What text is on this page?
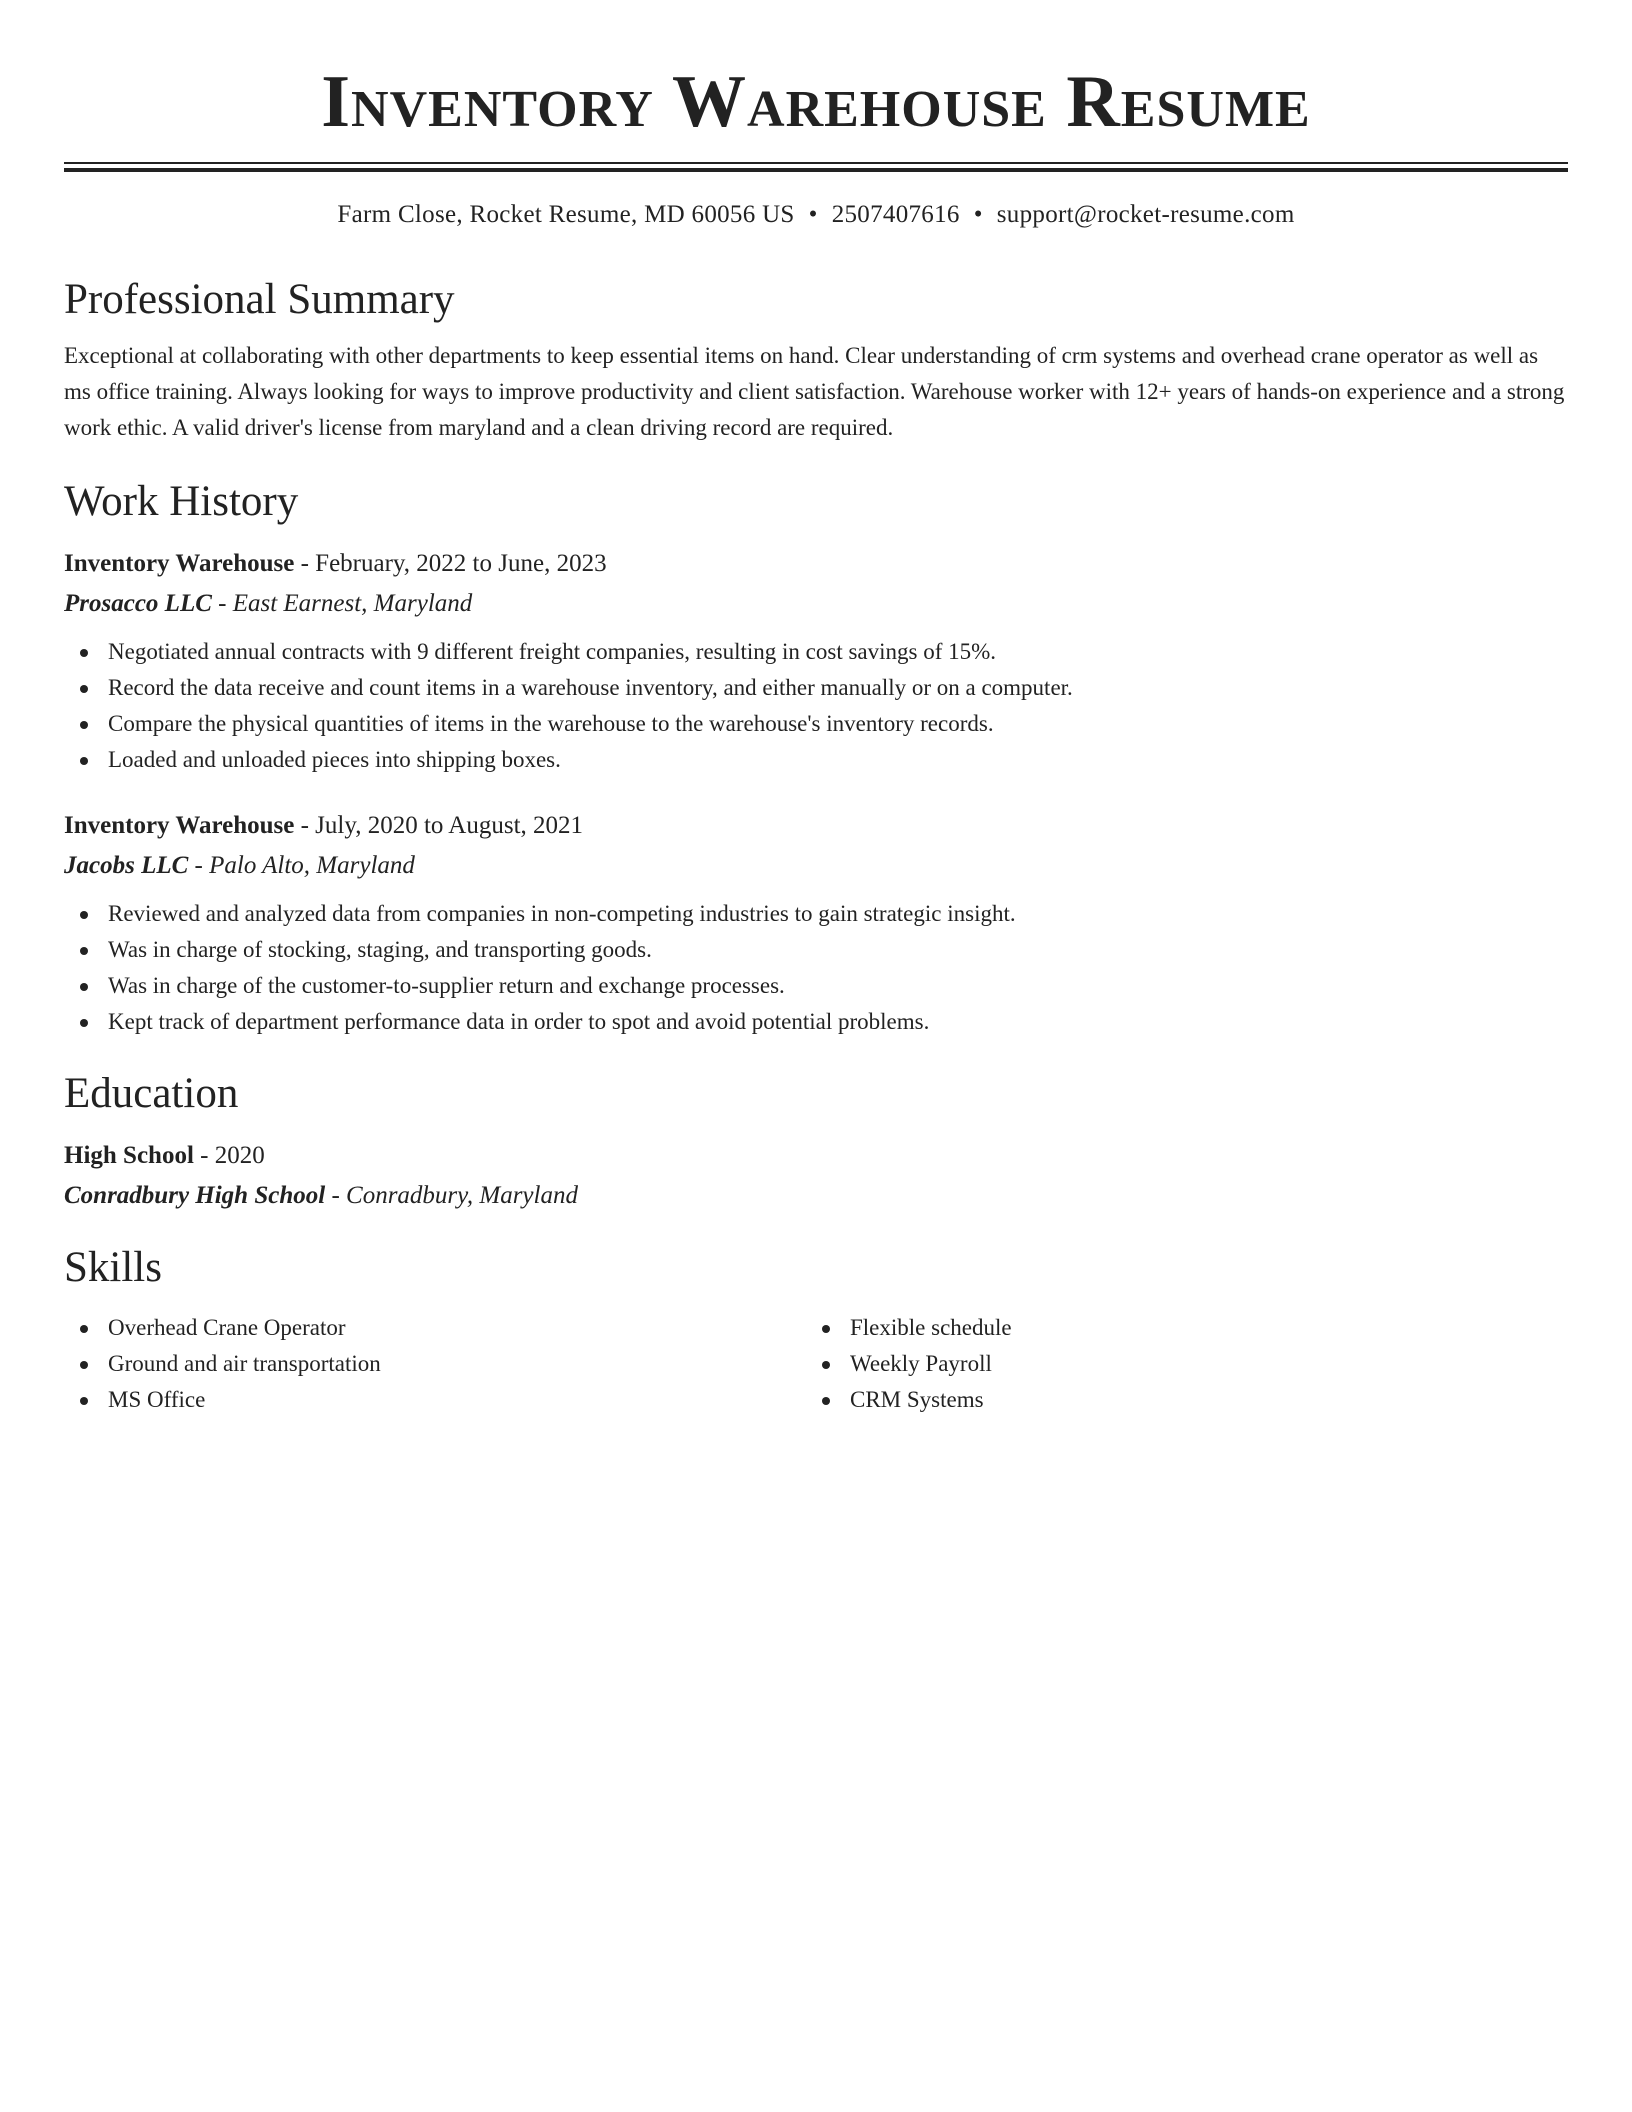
Inventory Warehouse Resume
Farm Close, Rocket Resume, MD 60056 US • 2507407616 • support@rocket-resume.com
Professional Summary

Exceptional at collaborating with other departments to keep essential items on hand. Clear understanding of crm systems and overhead crane operator as well as ms office training. Always looking for ways to improve productivity and client satisfaction. Warehouse worker with 12+ years of hands-on experience and a strong work ethic. A valid driver's license from maryland and a clean driving record are required.

Work History
Inventory Warehouse - February, 2022 to June, 2023
Prosacco LLC - East Earnest, Maryland
Negotiated annual contracts with 9 different freight companies, resulting in cost savings of 15%.
Record the data receive and count items in a warehouse inventory, and either manually or on a computer.
Compare the physical quantities of items in the warehouse to the warehouse's inventory records.
Loaded and unloaded pieces into shipping boxes.
Inventory Warehouse - July, 2020 to August, 2021
Jacobs LLC - Palo Alto, Maryland
Reviewed and analyzed data from companies in non-competing industries to gain strategic insight.
Was in charge of stocking, staging, and transporting goods.
Was in charge of the customer-to-supplier return and exchange processes.
Kept track of department performance data in order to spot and avoid potential problems.
Education
High School - 2020
Conradbury High School - Conradbury, Maryland
Skills
Overhead Crane Operator
Ground and air transportation
MS Office
Flexible schedule
Weekly Payroll
CRM Systems
